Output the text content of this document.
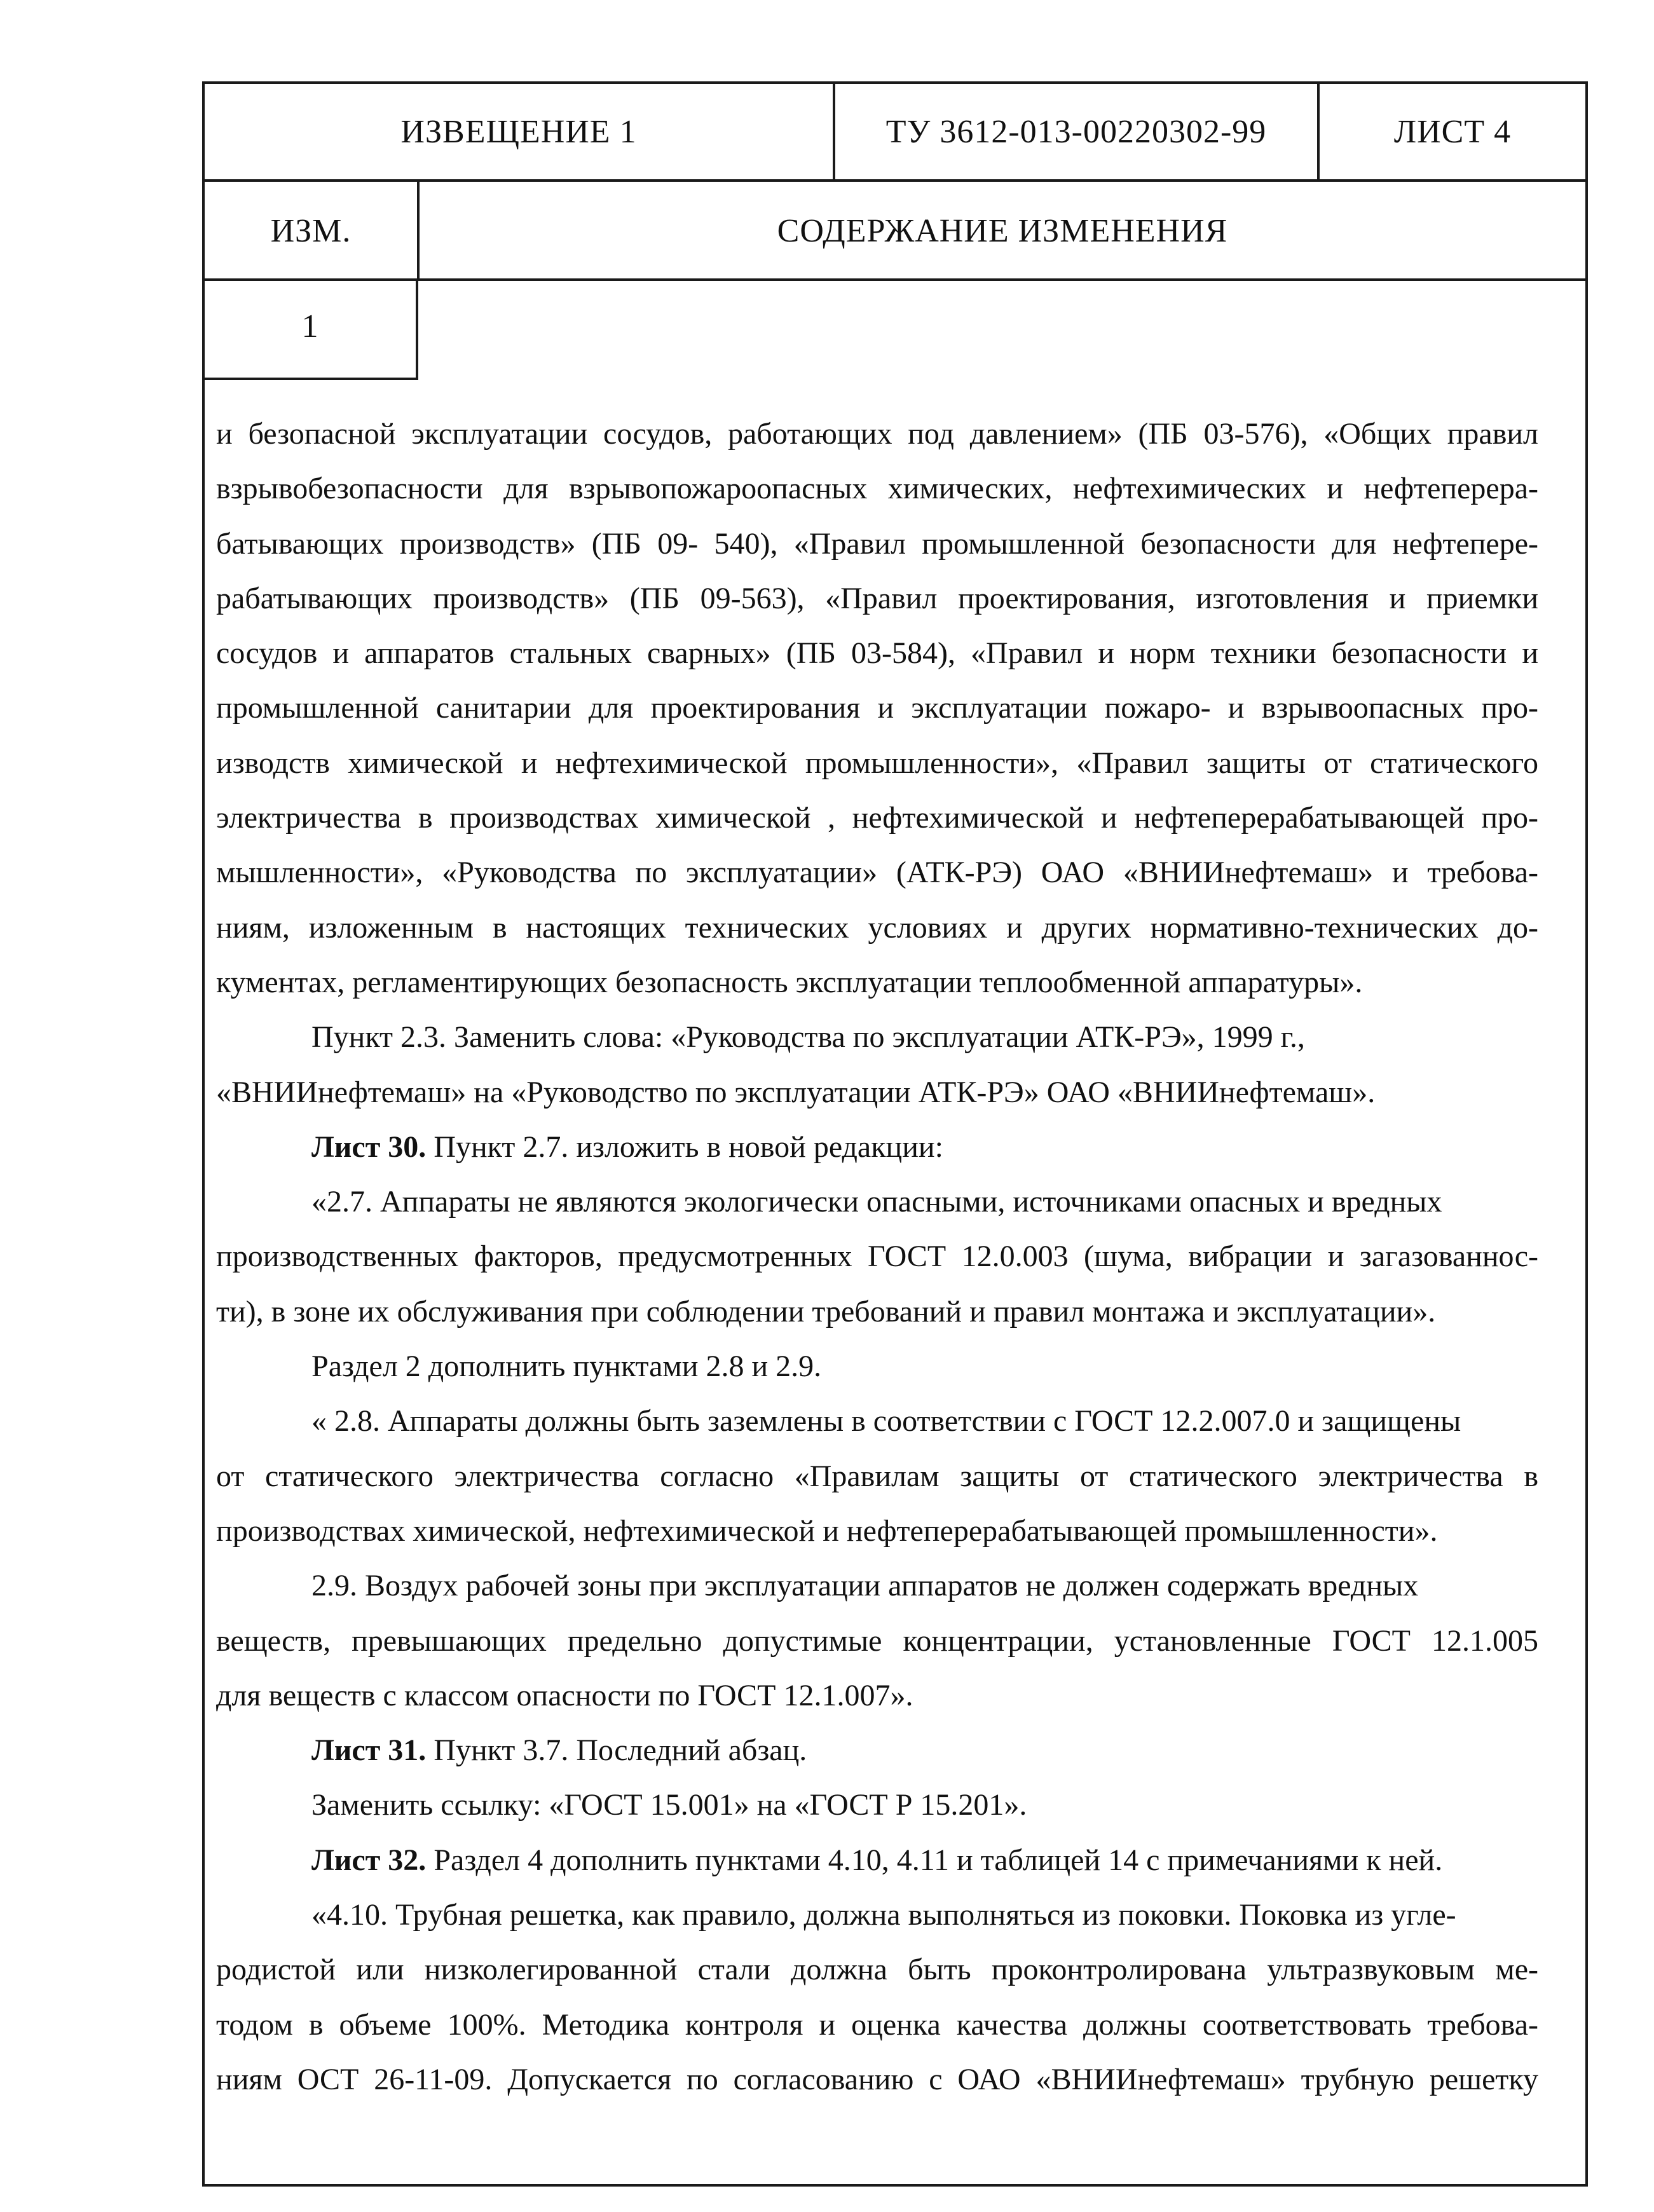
ИЗВЕЩЕНИЕ 1	ТУ 3612-013-00220302-99	ЛИСТ 4
ИЗМ.	СОДЕРЖАНИЕ ИЗМЕНЕНИЯ
1
и безопасной эксплуатации сосудов, работающих под давлением» (ПБ 03-576), «Общих правил
взрывобезопасности для взрывопожароопасных химических, нефтехимических и нефтеперера-
батывающих производств» (ПБ 09- 540), «Правил промышленной безопасности для нефтепере-
рабатывающих производств» (ПБ 09-563), «Правил проектирования, изготовления и приемки
сосудов и аппаратов стальных сварных» (ПБ 03-584), «Правил и норм техники безопасности и
промышленной санитарии для проектирования и эксплуатации пожаро- и взрывоопасных про-
изводств химической и нефтехимической промышленности», «Правил защиты от статического
электричества в производствах химической , нефтехимической и нефтеперерабатывающей про-
мышленности», «Руководства по эксплуатации» (АТК-РЭ) ОАО «ВНИИнефтемаш» и требова-
ниям, изложенным в настоящих технических условиях и других нормативно-технических до-
кументах, регламентирующих безопасность эксплуатации теплообменной аппаратуры».
Пункт 2.3. Заменить слова: «Руководства по эксплуатации АТК-РЭ», 1999 г.,
«ВНИИнефтемаш» на «Руководство по эксплуатации АТК-РЭ» ОАО «ВНИИнефтемаш».
Лист 30. Пункт 2.7. изложить в новой редакции:
«2.7. Аппараты не являются экологически опасными, источниками опасных и вредных
производственных факторов, предусмотренных ГОСТ 12.0.003 (шума, вибрации и загазованнос-
ти), в зоне их обслуживания при соблюдении требований и правил монтажа и эксплуатации».
Раздел 2 дополнить пунктами 2.8 и 2.9.
« 2.8. Аппараты должны быть заземлены в соответствии с ГОСТ 12.2.007.0 и защищены
от статического электричества согласно «Правилам защиты от статического электричества в
производствах химической, нефтехимической и нефтеперерабатывающей промышленности».
2.9. Воздух рабочей зоны при эксплуатации аппаратов не должен содержать вредных
веществ, превышающих предельно допустимые концентрации, установленные ГОСТ 12.1.005
для веществ с классом опасности по ГОСТ 12.1.007».
Лист 31. Пункт 3.7. Последний абзац.
Заменить ссылку: «ГОСТ 15.001» на «ГОСТ Р 15.201».
Лист 32. Раздел 4 дополнить пунктами 4.10, 4.11 и таблицей 14 с примечаниями к ней.
«4.10. Трубная решетка, как правило, должна выполняться из поковки. Поковка из угле-
родистой или низколегированной стали должна быть проконтролирована ультразвуковым ме-
тодом в объеме 100%. Методика контроля и оценка качества должны соответствовать требова-
ниям ОСТ 26-11-09. Допускается по согласованию с ОАО «ВНИИнефтемаш» трубную решетку
